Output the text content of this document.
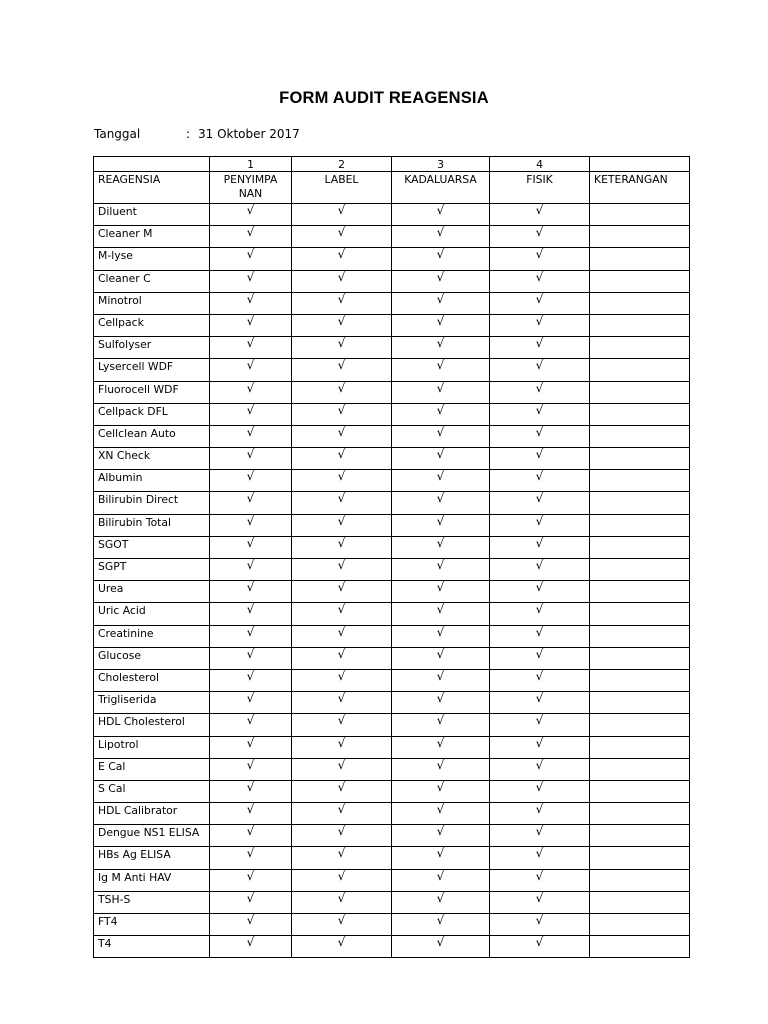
FORM AUDIT REAGENSIA
Tanggal	: 31 Oktober 2017
	1	2	3	4	
REAGENSIA	PENYIMPA NAN	LABEL	KADALUARSA	FISIK	KETERANGAN
Diluent	√	√	√	√	
Cleaner M	√	√	√	√	
M-lyse	√	√	√	√	
Cleaner C	√	√	√	√	
Minotrol	√	√	√	√	
Cellpack	√	√	√	√	
Sulfolyser	√	√	√	√	
Lysercell WDF	√	√	√	√	
Fluorocell WDF	√	√	√	√	
Cellpack DFL	√	√	√	√	
Cellclean Auto	√	√	√	√	
XN Check	√	√	√	√	
Albumin	√	√	√	√	
Bilirubin Direct	√	√	√	√	
Bilirubin Total	√	√	√	√	
SGOT	√	√	√	√	
SGPT	√	√	√	√	
Urea	√	√	√	√	
Uric Acid	√	√	√	√	
Creatinine	√	√	√	√	
Glucose	√	√	√	√	
Cholesterol	√	√	√	√	
Trigliserida	√	√	√	√	
HDL Cholesterol	√	√	√	√	
Lipotrol	√	√	√	√	
E Cal	√	√	√	√	
S Cal	√	√	√	√	
HDL Calibrator	√	√	√	√	
Dengue NS1 ELISA	√	√	√	√	
HBs Ag ELISA	√	√	√	√	
Ig M Anti HAV	√	√	√	√	
TSH-S	√	√	√	√	
FT4	√	√	√	√	
T4	√	√	√	√	
